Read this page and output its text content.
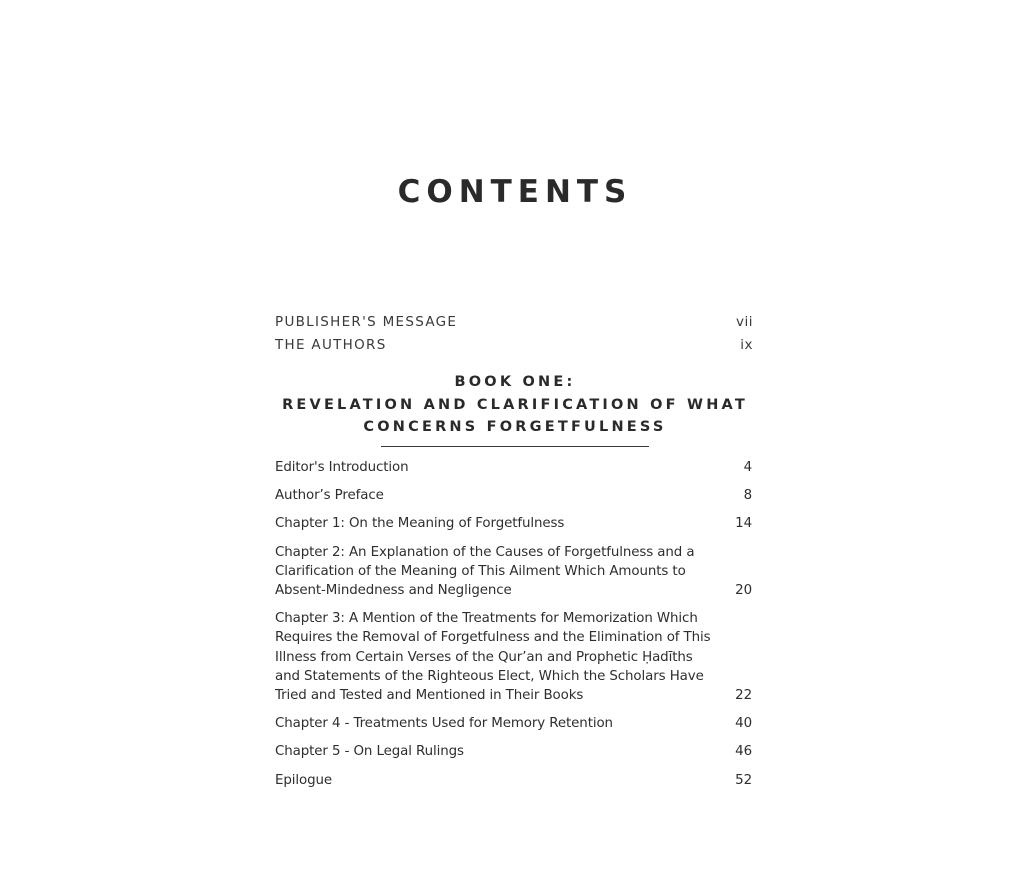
CONTENTS
PUBLISHER'S MESSAGE	vii
THE AUTHORS	ix
BOOK ONE:
REVELATION AND CLARIFICATION OF WHAT
CONCERNS FORGETFULNESS
Editor's Introduction	4
Author’s Preface	8
Chapter 1: On the Meaning of Forgetfulness	14
Chapter 2: An Explanation of the Causes of Forgetfulness and a Clarification of the Meaning of This Ailment Which Amounts to Absent-Mindedness and Negligence	20
Chapter 3: A Mention of the Treatments for Memorization Which Requires the Removal of Forgetfulness and the Elimination of This Illness from Certain Verses of the Qur’an and Prophetic Ḥadīths and Statements of the Righteous Elect, Which the Scholars Have Tried and Tested and Mentioned in Their Books	22
Chapter 4 - Treatments Used for Memory Retention	40
Chapter 5 - On Legal Rulings	46
Epilogue	52
